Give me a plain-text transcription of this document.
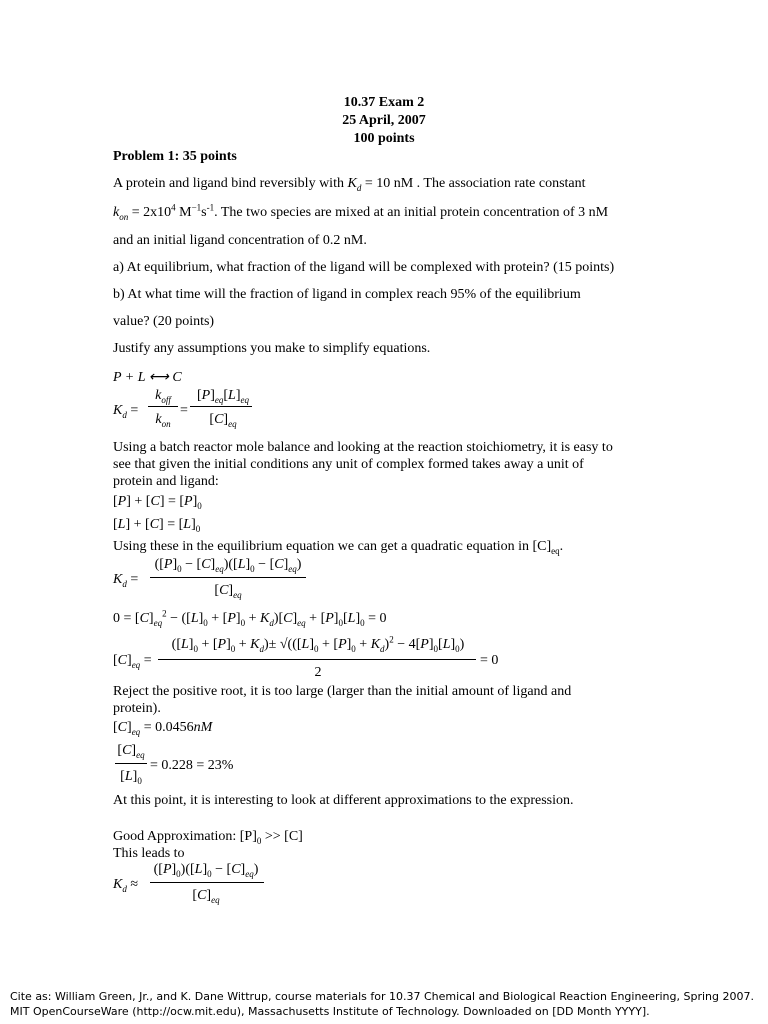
10.37 Exam 2
25 April, 2007
100 points
Problem 1: 35 points
A protein and ligand bind reversibly with $K_d = 10$ nM . The association rate constant
$k_{on} = 2x10^4$ $M^{-1}s^{-1}$. The two species are mixed at an initial protein concentration of 3 nM
and an initial ligand concentration of 0.2 nM.
a) At equilibrium, what fraction of the ligand will be complexed with protein? (15 points)
b) At what time will the fraction of ligand in complex reach 95% of the equilibrium
value? (20 points)
Justify any assumptions you make to simplify equations.
P + L ⟷ C
$K_d$ =
$k_{off}$
$k_{on}$
=
$[P]_{eq}[L]_{eq}$
$[C]_{eq}$
Using a batch reactor mole balance and looking at the reaction stoichiometry, it is easy to
see that given the initial conditions any unit of complex formed takes away a unit of
protein and ligand:
$[P] + [C] = [P]_0$
$[L] + [C] = [L]_0$
Using these in the equilibrium equation we can get a quadratic equation in $[C]_{eq}$.
$K_d$ =
$([P]_0 - [C]_{eq})([L]_0 - [C]_{eq})$
$[C]_{eq}$
$0 = [C]_{eq}^2 - ([L]_0 + [P]_0 + K_d)[C]_{eq} + [P]_0[L]_0 = 0$
$[C]_{eq}$ =
$([L]_0 + [P]_0 + K_d)\pm √(([L]_0 + [P]_0 + K_d)^2 - 4[P]_0[L]_0)$
2
= 0
Reject the positive root, it is too large (larger than the initial amount of ligand and
protein).
$[C]_{eq} = 0.0456nM$
$[C]_{eq}$
$[L]_0$
= 0.228 = 23%
At this point, it is interesting to look at different approximations to the expression.
Good Approximation: $[P]_0 >> [C]$
This leads to
$K_d$ ≈
$([P]_0)([L]_0 - [C]_{eq})$
$[C]_{eq}$
Cite as: William Green, Jr., and K. Dane Wittrup, course materials for 10.37 Chemical and Biological Reaction Engineering, Spring 2007. MIT OpenCourseWare (http://ocw.mit.edu), Massachusetts Institute of Technology. Downloaded on [DD Month YYYY].
